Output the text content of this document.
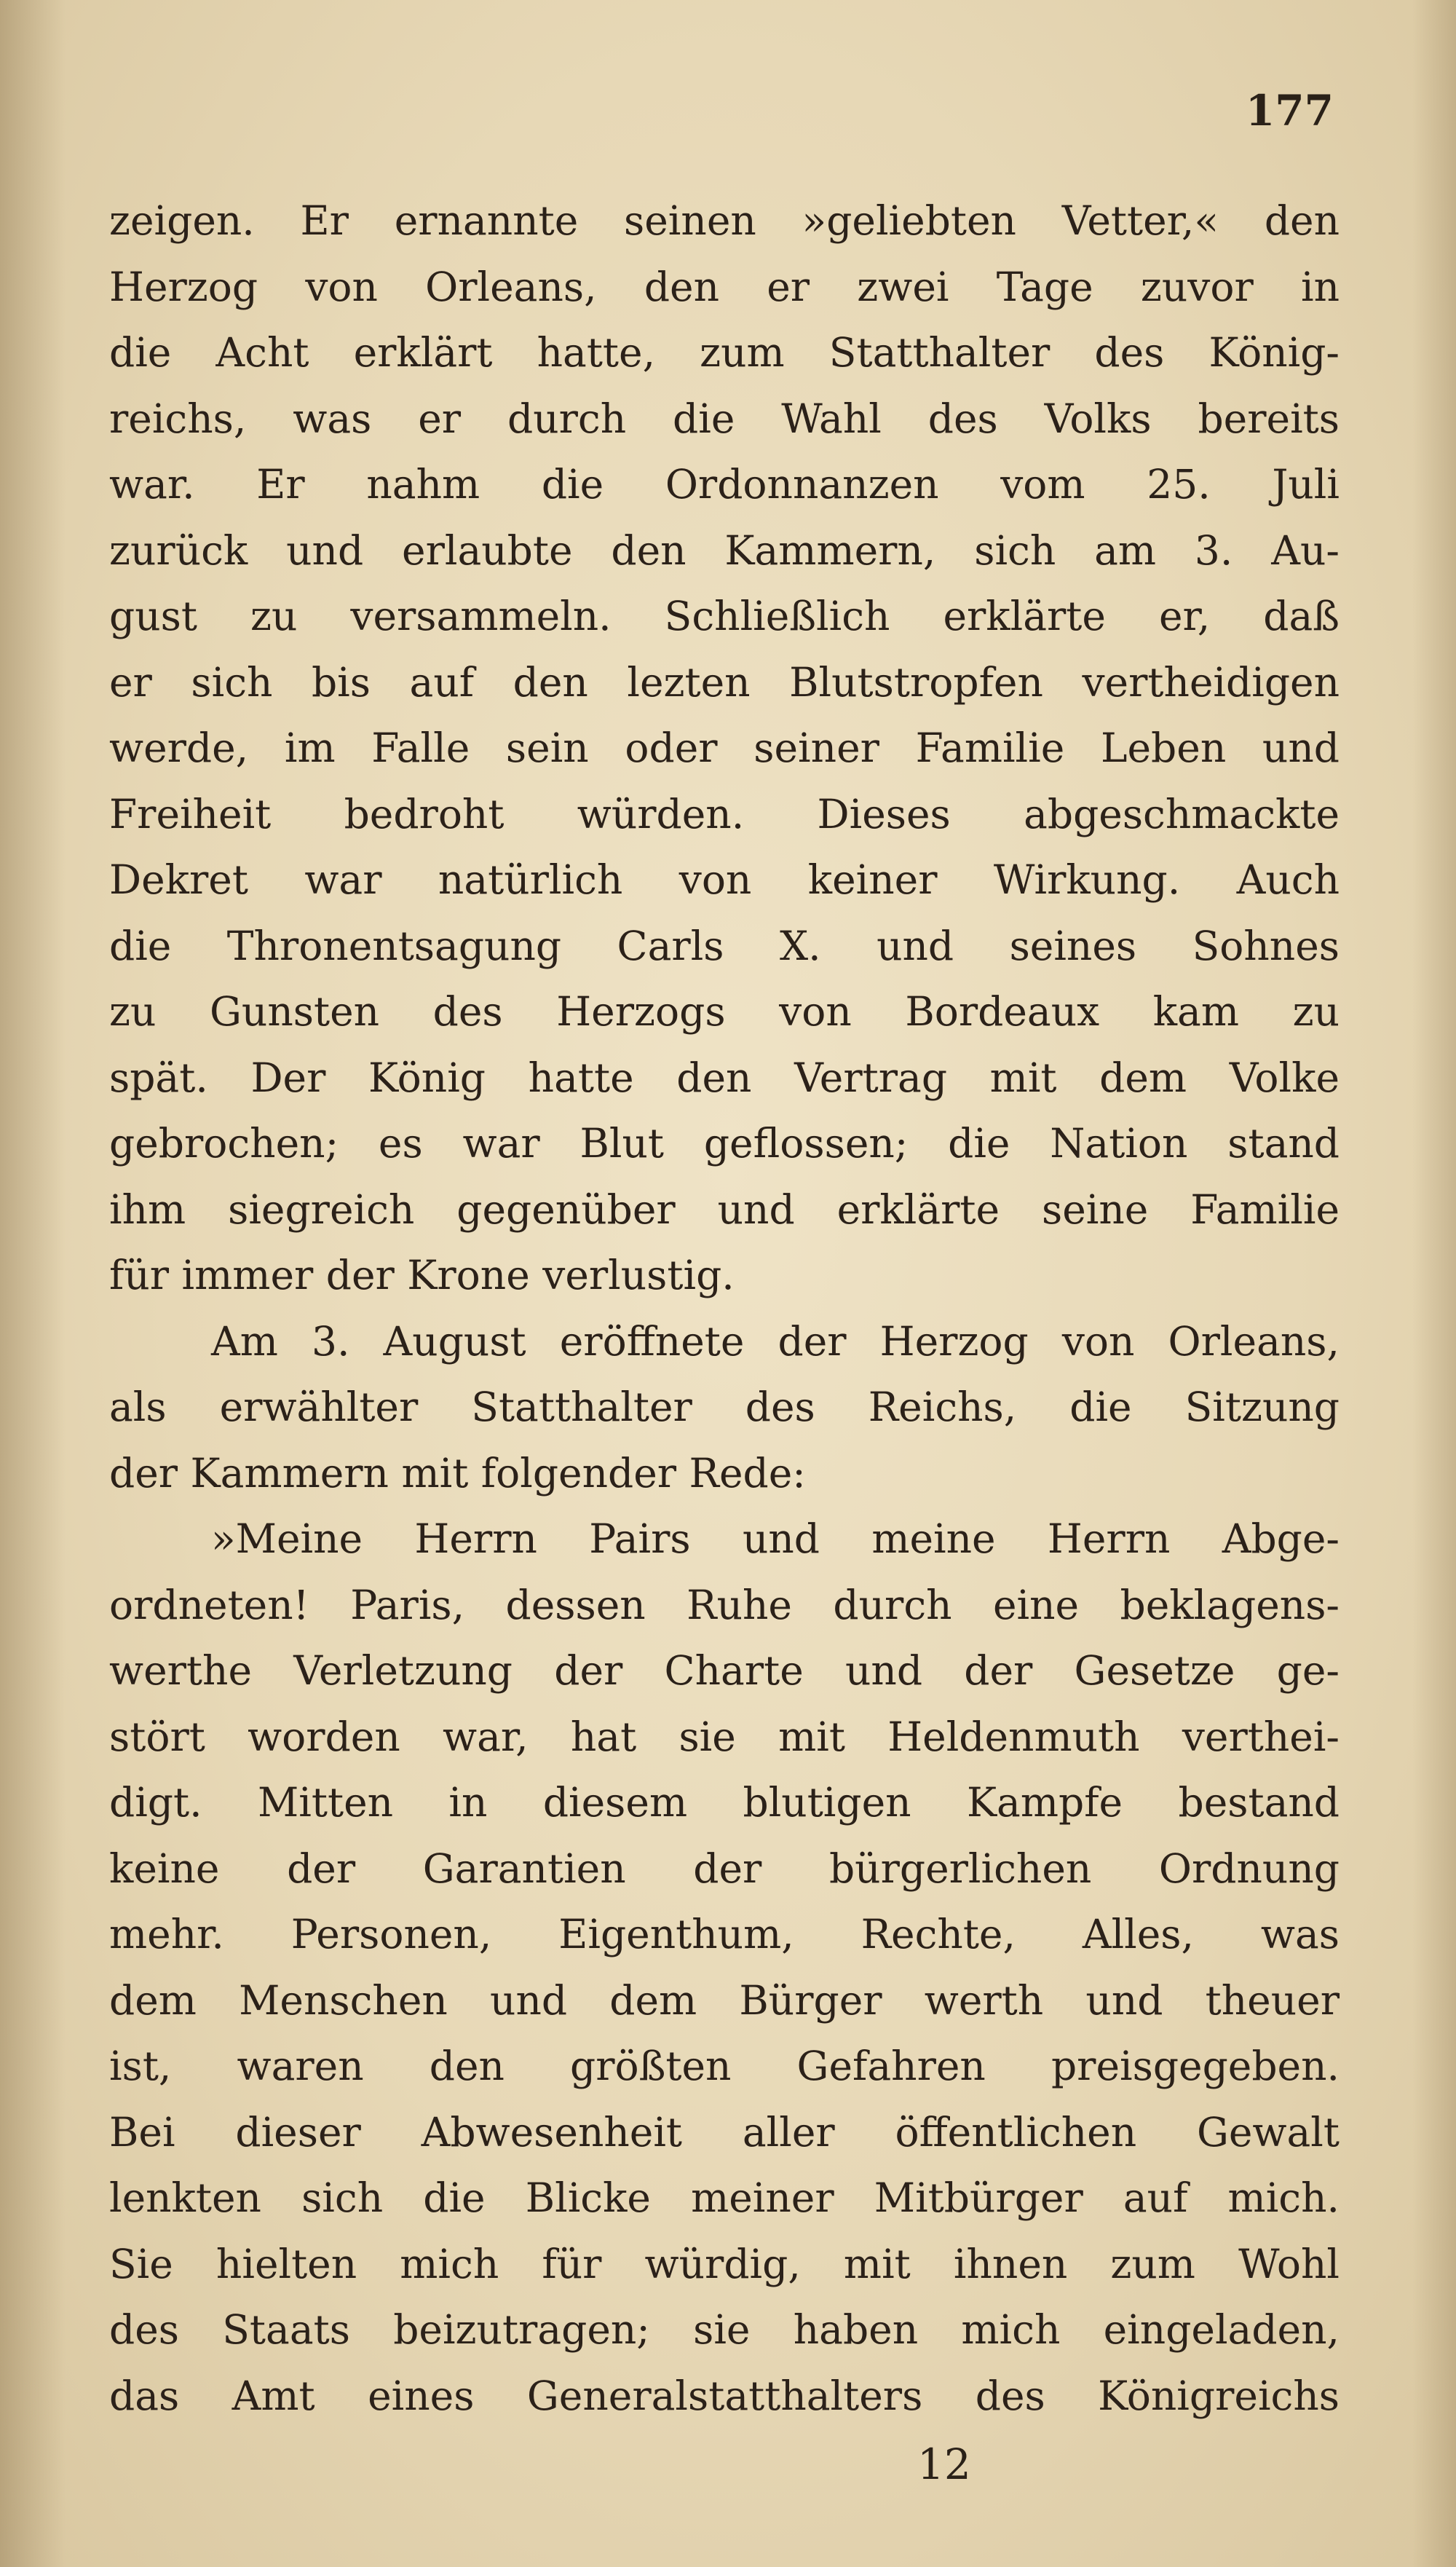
177
zeigen. Er ernannte seinen »geliebten Vetter,« den
Herzog von Orleans, den er zwei Tage zuvor in
die Acht erklärt hatte, zum Statthalter des König-
reichs, was er durch die Wahl des Volks bereits
war. Er nahm die Ordonnanzen vom 25. Juli
zurück und erlaubte den Kammern, sich am 3. Au-
gust zu versammeln. Schließlich erklärte er, daß
er sich bis auf den lezten Blutstropfen vertheidigen
werde, im Falle sein oder seiner Familie Leben und
Freiheit bedroht würden. Dieses abgeschmackte
Dekret war natürlich von keiner Wirkung. Auch
die Thronentsagung Carls X. und seines Sohnes
zu Gunsten des Herzogs von Bordeaux kam zu
spät. Der König hatte den Vertrag mit dem Volke
gebrochen; es war Blut geflossen; die Nation stand
ihm siegreich gegenüber und erklärte seine Familie
für immer der Krone verlustig.
Am 3. August eröffnete der Herzog von Orleans,
als erwählter Statthalter des Reichs, die Sitzung
der Kammern mit folgender Rede:
»Meine Herrn Pairs und meine Herrn Abge-
ordneten! Paris, dessen Ruhe durch eine beklagens-
werthe Verletzung der Charte und der Gesetze ge-
stört worden war, hat sie mit Heldenmuth verthei-
digt. Mitten in diesem blutigen Kampfe bestand
keine der Garantien der bürgerlichen Ordnung
mehr. Personen, Eigenthum, Rechte, Alles, was
dem Menschen und dem Bürger werth und theuer
ist, waren den größten Gefahren preisgegeben.
Bei dieser Abwesenheit aller öffentlichen Gewalt
lenkten sich die Blicke meiner Mitbürger auf mich.
Sie hielten mich für würdig, mit ihnen zum Wohl
des Staats beizutragen; sie haben mich eingeladen,
das Amt eines Generalstatthalters des Königreichs
12
